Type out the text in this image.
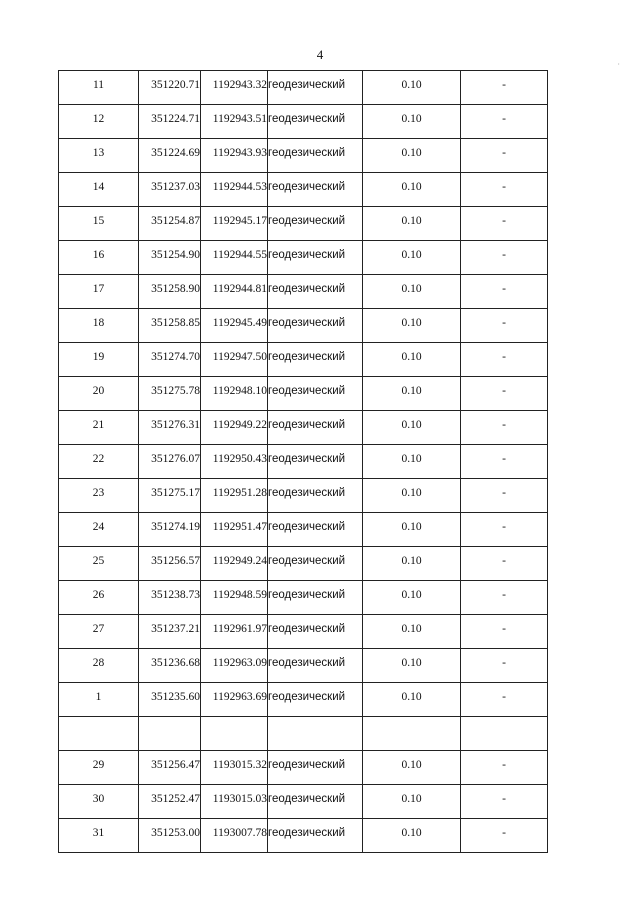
4
·
11	351220.71	1192943.32	геодезический	0.10	-
12	351224.71	1192943.51	геодезический	0.10	-
13	351224.69	1192943.93	геодезический	0.10	-
14	351237.03	1192944.53	геодезический	0.10	-
15	351254.87	1192945.17	геодезический	0.10	-
16	351254.90	1192944.55	геодезический	0.10	-
17	351258.90	1192944.81	геодезический	0.10	-
18	351258.85	1192945.49	геодезический	0.10	-
19	351274.70	1192947.50	геодезический	0.10	-
20	351275.78	1192948.10	геодезический	0.10	-
21	351276.31	1192949.22	геодезический	0.10	-
22	351276.07	1192950.43	геодезический	0.10	-
23	351275.17	1192951.28	геодезический	0.10	-
24	351274.19	1192951.47	геодезический	0.10	-
25	351256.57	1192949.24	геодезический	0.10	-
26	351238.73	1192948.59	геодезический	0.10	-
27	351237.21	1192961.97	геодезический	0.10	-
28	351236.68	1192963.09	геодезический	0.10	-
1	351235.60	1192963.69	геодезический	0.10	-

29	351256.47	1193015.32	геодезический	0.10	-
30	351252.47	1193015.03	геодезический	0.10	-
31	351253.00	1193007.78	геодезический	0.10	-
